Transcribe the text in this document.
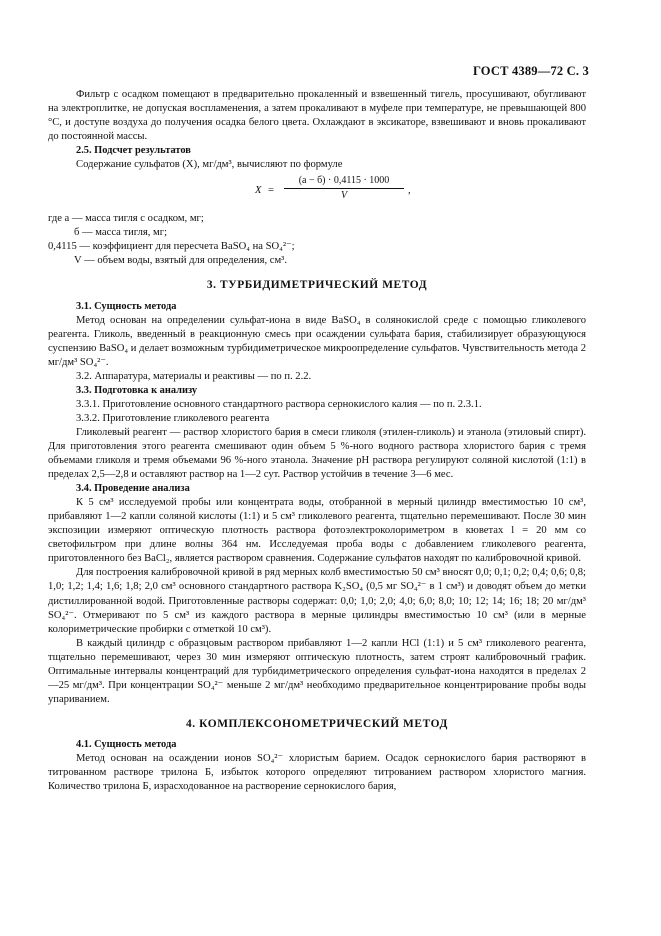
ГОСТ 4389—72 С. 3

Фильтр с осадком помещают в предварительно прокаленный и взвешенный тигель, просушивают, обугливают на электроплитке, не допуская воспламенения, а затем прокаливают в муфеле при температуре, не превышающей 800 °С, и доступе воздуха до получения осадка белого цвета. Охлаждают в эксикаторе, взвешивают и вновь прокаливают до постоянной массы.

2.5. Подсчет результатов

Содержание сульфатов (X), мг/дм³, вычисляют по формуле

X =
(a − б) · 0,4115 · 1000
V	,

где а — масса тигля с осадком, мг;

б — масса тигля, мг;

0,4115 — коэффициент для пересчета BaSO₄ на SO₄²⁻;

V — объем воды, взятый для определения, см³.

3. ТУРБИДИМЕТРИЧЕСКИЙ МЕТОД

3.1. Сущность метода

Метод основан на определении сульфат-иона в виде BaSO₄ в солянокислой среде с помощью гликолевого реагента. Гликоль, введенный в реакционную смесь при осаждении сульфата бария, стабилизирует образующуюся суспензию BaSO₄ и делает возможным турбидиметрическое микроопределение сульфатов. Чувствительность метода 2 мг/дм³ SO₄²⁻.

3.2. Аппаратура, материалы и реактивы — по п. 2.2.

3.3. Подготовка к анализу

3.3.1. Приготовление основного стандартного раствора сернокислого калия — по п. 2.3.1.

3.3.2. Приготовление гликолевого реагента

Гликолевый реагент — раствор хлористого бария в смеси гликоля (этилен-гликоль) и этанола (этиловый спирт). Для приготовления этого реагента смешивают один объем 5 %-ного водного раствора хлористого бария с тремя объемами гликоля и тремя объемами 96 %-ного этанола. Значение рН раствора регулируют соляной кислотой (1:1) в пределах 2,5—2,8 и оставляют раствор на 1—2 сут. Раствор устойчив в течение 3—6 мес.

3.4. Проведение анализа

К 5 см³ исследуемой пробы или концентрата воды, отобранной в мерный цилиндр вместимостью 10 см³, прибавляют 1—2 капли соляной кислоты (1:1) и 5 см³ гликолевого реагента, тщательно перемешивают. После 30 мин экспозиции измеряют оптическую плотность раствора фотоэлектроколориметром в кюветах l = 20 мм со светофильтром при длине волны 364 нм. Исследуемая проба воды с добавлением гликолевого реагента, приготовленного без BaCl₂, является раствором сравнения. Содержание сульфатов находят по калибровочной кривой.

Для построения калибровочной кривой в ряд мерных колб вместимостью 50 см³ вносят 0,0; 0,1; 0,2; 0,4; 0,6; 0,8; 1,0; 1,2; 1,4; 1,6; 1,8; 2,0 см³ основного стандартного раствора K₂SO₄ (0,5 мг SO₄²⁻ в 1 см³) и доводят объем до метки дистиллированной водой. Приготовленные растворы содержат: 0,0; 1,0; 2,0; 4,0; 6,0; 8,0; 10; 12; 14; 16; 18; 20 мг/дм³ SO₄²⁻. Отмеривают по 5 см³ из каждого раствора в мерные цилиндры вместимостью 10 см³ (или в мерные колориметрические пробирки с отметкой 10 см³).

В каждый цилиндр с образцовым раствором прибавляют 1—2 капли HCl (1:1) и 5 см³ гликолевого реагента, тщательно перемешивают, через 30 мин измеряют оптическую плотность, затем строят калибровочный график. Оптимальные интервалы концентраций для турбидиметрического определения сульфат-иона находятся в пределах 2—25 мг/дм³. При концентрации SO₄²⁻ меньше 2 мг/дм³ необходимо предварительное концентрирование пробы воды упариванием.

4. КОМПЛЕКСОНОМЕТРИЧЕСКИЙ МЕТОД

4.1. Сущность метода

Метод основан на осаждении ионов SO₄²⁻ хлористым барием. Осадок сернокислого бария растворяют в титрованном растворе трилона Б, избыток которого определяют титрованием раствором хлористого магния. Количество трилона Б, израсходованное на растворение сернокислого бария,
